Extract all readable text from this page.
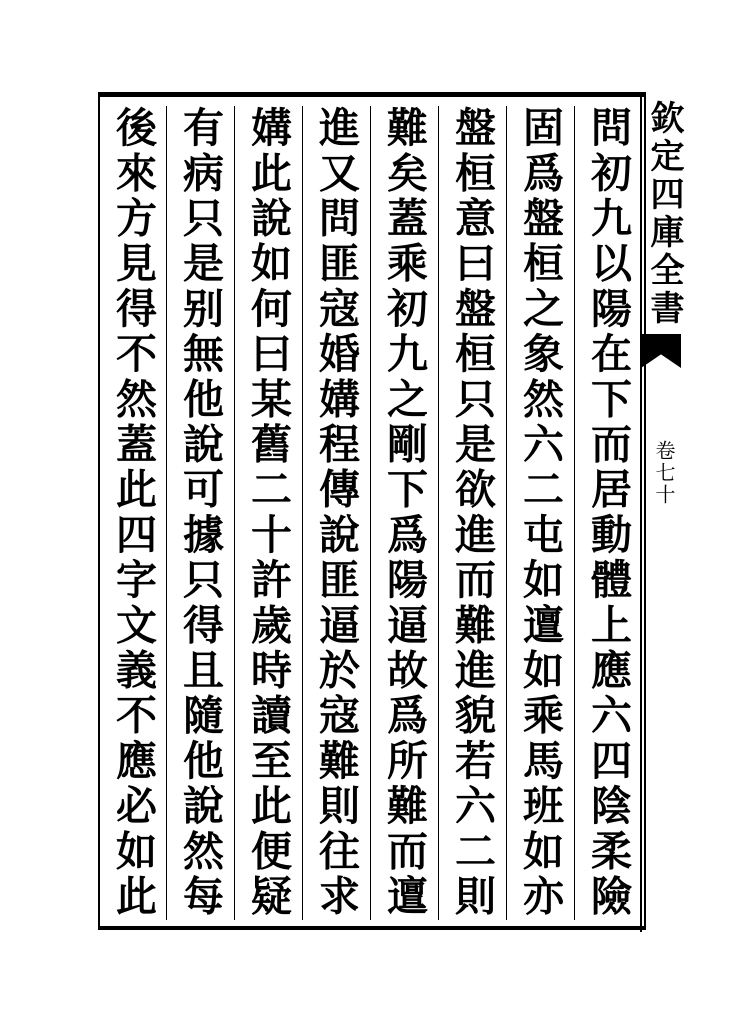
欽定四庫全書
卷七十
問初九以陽在下而居動體上應六四陰柔險
固爲盤桓之象然六二屯如邅如乘馬班如亦
盤桓意曰盤桓只是欲進而難進貌若六二則
難矣蓋乘初九之剛下爲陽逼故爲所難而邅
進又問匪寇婚媾程傳說匪逼於寇難則往求
媾此說如何曰某舊二十許歲時讀至此便疑
有病只是别無他說可據只得且隨他說然每
後來方見得不然蓋此四字文義不應必如此
